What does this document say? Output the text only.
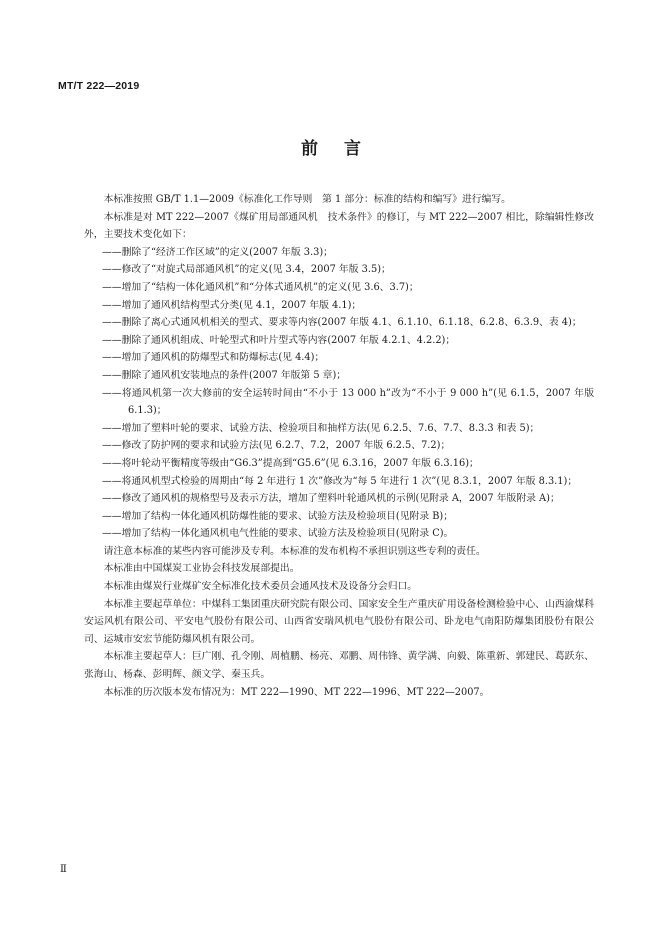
MT/T 222—2019
前 言

本标准按照 GB/T 1.1—2009《标准化工作导则　第 1 部分：标准的结构和编写》进行编写。

本标准是对 MT 222—2007《煤矿用局部通风机　技术条件》的修订，与 MT 222—2007 相比，除编辑性修改外，主要技术变化如下：

——删除了“经济工作区域”的定义(2007 年版 3.3)；

——修改了“对旋式局部通风机”的定义(见 3.4，2007 年版 3.5)；

——增加了“结构一体化通风机”和“分体式通风机”的定义(见 3.6、3.7)；

——增加了通风机结构型式分类(见 4.1，2007 年版 4.1)；

——删除了离心式通风机相关的型式、要求等内容(2007 年版 4.1、6.1.10、6.1.18、6.2.8、6.3.9、表 4)；

——删除了通风机组成、叶轮型式和叶片型式等内容(2007 年版 4.2.1、4.2.2)；

——增加了通风机的防爆型式和防爆标志(见 4.4)；

——删除了通风机安装地点的条件(2007 年版第 5 章)；

——将通风机第一次大修前的安全运转时间由“不小于 13 000 h”改为“不小于 9 000 h”(见 6.1.5，2007 年版 6.1.3)；

——增加了塑料叶轮的要求、试验方法、检验项目和抽样方法(见 6.2.5、7.6、7.7、8.3.3 和表 5)；

——修改了防护网的要求和试验方法(见 6.2.7、7.2，2007 年版 6.2.5、7.2)；

——将叶轮动平衡精度等级由“G6.3”提高到“G5.6”(见 6.3.16，2007 年版 6.3.16)；

——将通风机型式检验的周期由“每 2 年进行 1 次”修改为“每 5 年进行 1 次”(见 8.3.1，2007 年版 8.3.1)；

——修改了通风机的规格型号及表示方法，增加了塑料叶轮通风机的示例(见附录 A，2007 年版附录 A)；

——增加了结构一体化通风机防爆性能的要求、试验方法及检验项目(见附录 B)；

——增加了结构一体化通风机电气性能的要求、试验方法及检验项目(见附录 C)。

请注意本标准的某些内容可能涉及专利。本标准的发布机构不承担识别这些专利的责任。

本标准由中国煤炭工业协会科技发展部提出。

本标准由煤炭行业煤矿安全标准化技术委员会通风技术及设备分会归口。

本标准主要起草单位：中煤科工集团重庆研究院有限公司、国家安全生产重庆矿用设备检测检验中心、山西渝煤科安运风机有限公司、平安电气股份有限公司、山西省安瑞风机电气股份有限公司、卧龙电气南阳防爆集团股份有限公司、运城市安宏节能防爆风机有限公司。

本标准主要起草人：巨广刚、孔令刚、周植鹏、杨亮、邓鹏、周伟锋、黄学满、向毅、陈重新、郭建民、葛跃东、张海山、杨森、彭明辉、颜文学、秦玉兵。

本标准的历次版本发布情况为：MT 222—1990、MT 222—1996、MT 222—2007。

Ⅱ
